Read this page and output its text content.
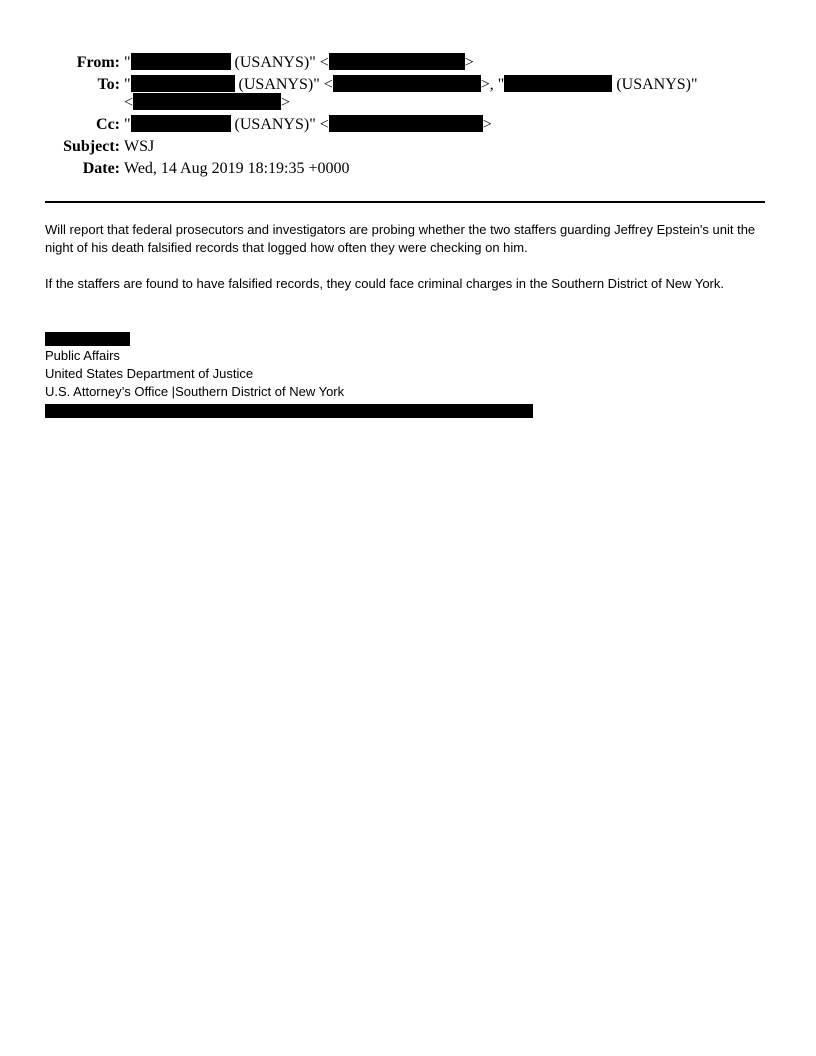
From: "	(USANYS)" <	>
To: "	(USANYS)" <	>, "	(USANYS)"
<	>
Cc: "	(USANYS)" <	>
Subject: WSJ
Date: Wed, 14 Aug 2019 18:19:35 +0000

Will report that federal prosecutors and investigators are probing whether the two staffers guarding Jeffrey Epstein's unit the night of his death falsified records that logged how often they were checking on him.

If the staffers are found to have falsified records, they could face criminal charges in the Southern District of New York.

Public Affairs
United States Department of Justice
U.S. Attorney’s Office |Southern District of New York
